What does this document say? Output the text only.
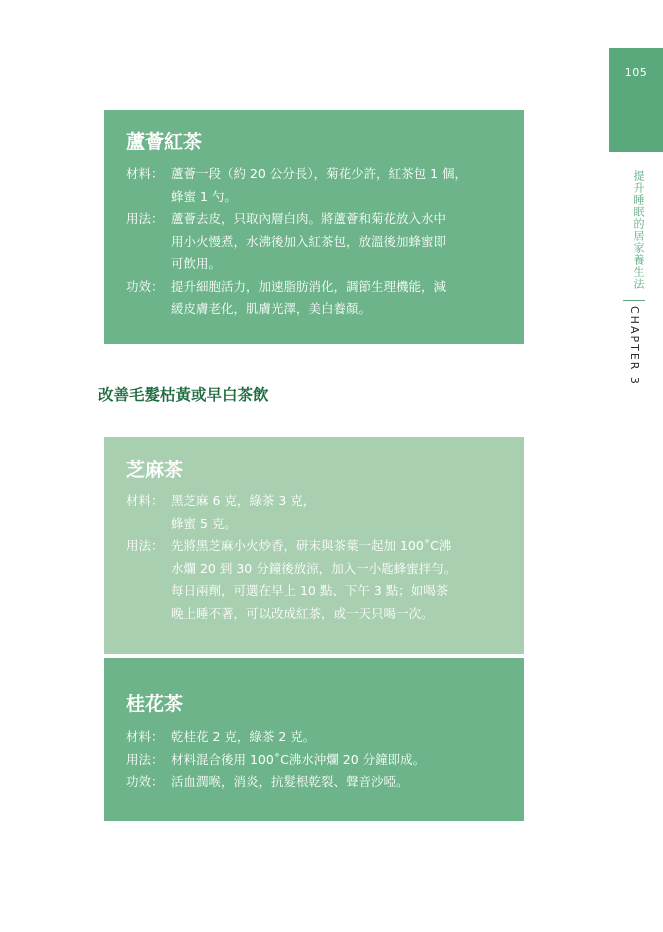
105
提升睡眠的居家養生法
CHAPTER 3
蘆薈紅茶
材料： 蘆薈一段（約 20 公分長），菊花少許，紅茶包 1 個，
蜂蜜 1 勺。
用法： 蘆薈去皮，只取內層白肉。將蘆薈和菊花放入水中
用小火慢煮，水沸後加入紅茶包，放溫後加蜂蜜即
可飲用。
功效： 提升細胞活力，加速脂肪消化，調節生理機能，減
緩皮膚老化，肌膚光澤，美白養顏。
改善毛髮枯黃或早白茶飲
芝麻茶
材料： 黑芝麻 6 克，綠茶 3 克，
蜂蜜 5 克。
用法： 先將黑芝麻小火炒香，研末與茶葉一起加 100˚C沸
水爛 20 到 30 分鐘後放涼，加入一小匙蜂蜜拌勻。
每日兩劑，可選在早上 10 點、下午 3 點；如喝茶
晚上睡不著，可以改成紅茶，或一天只喝一次。
桂花茶
材料： 乾桂花 2 克，綠茶 2 克。
用法： 材料混合後用 100˚C沸水沖爛 20 分鐘即成。
功效： 活血潤喉，消炎，抗髮根乾裂、聲音沙啞。
